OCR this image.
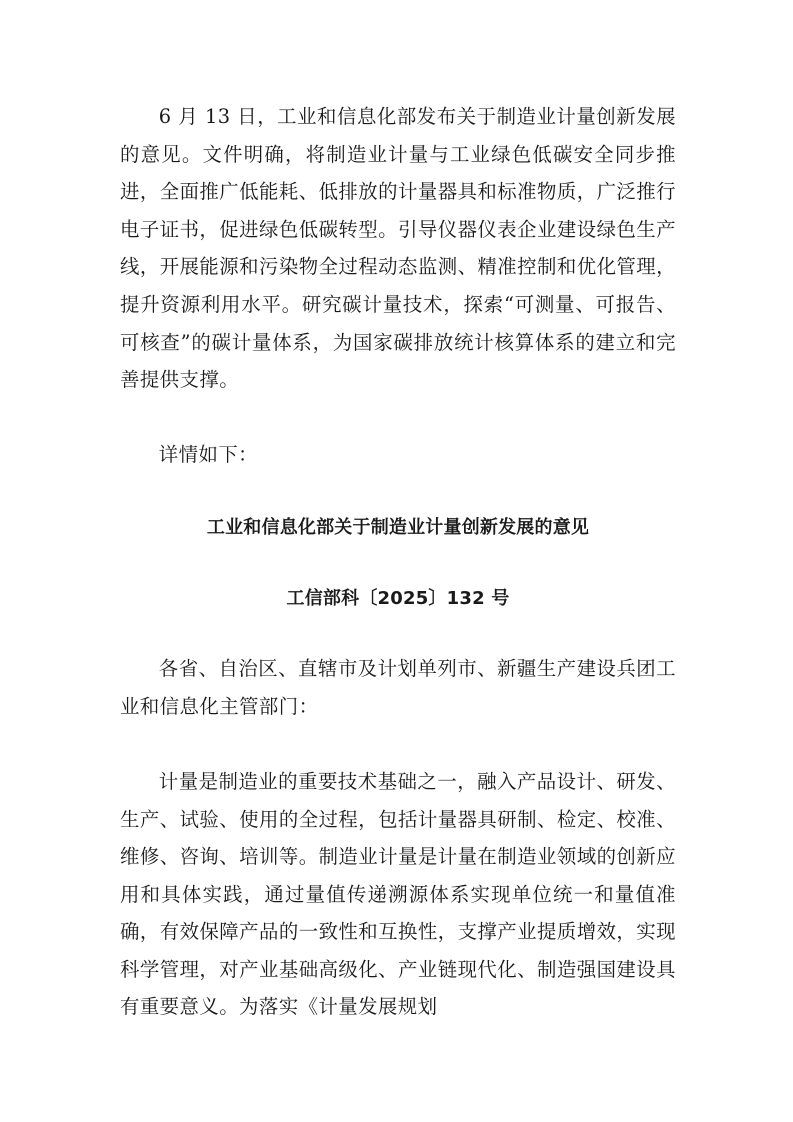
6 月 13 日，工业和信息化部发布关于制造业计量创新发展的意见。文件明确，将制造业计量与工业绿色低碳安全同步推进，全面推广低能耗、低排放的计量器具和标准物质，广泛推行电子证书，促进绿色低碳转型。引导仪器仪表企业建设绿色生产线，开展能源和污染物全过程动态监测、精准控制和优化管理，提升资源利用水平。研究碳计量技术，探索“可测量、可报告、可核查”的碳计量体系，为国家碳排放统计核算体系的建立和完善提供支撑。

详情如下：

工业和信息化部关于制造业计量创新发展的意见

工信部科〔2025〕132 号

各省、自治区、直辖市及计划单列市、新疆生产建设兵团工业和信息化主管部门：

计量是制造业的重要技术基础之一，融入产品设计、研发、生产、试验、使用的全过程，包括计量器具研制、检定、校准、维修、咨询、培训等。制造业计量是计量在制造业领域的创新应用和具体实践，通过量值传递溯源体系实现单位统一和量值准确，有效保障产品的一致性和互换性，支撑产业提质增效，实现科学管理，对产业基础高级化、产业链现代化、制造强国建设具有重要意义。为落实《计量发展规划
